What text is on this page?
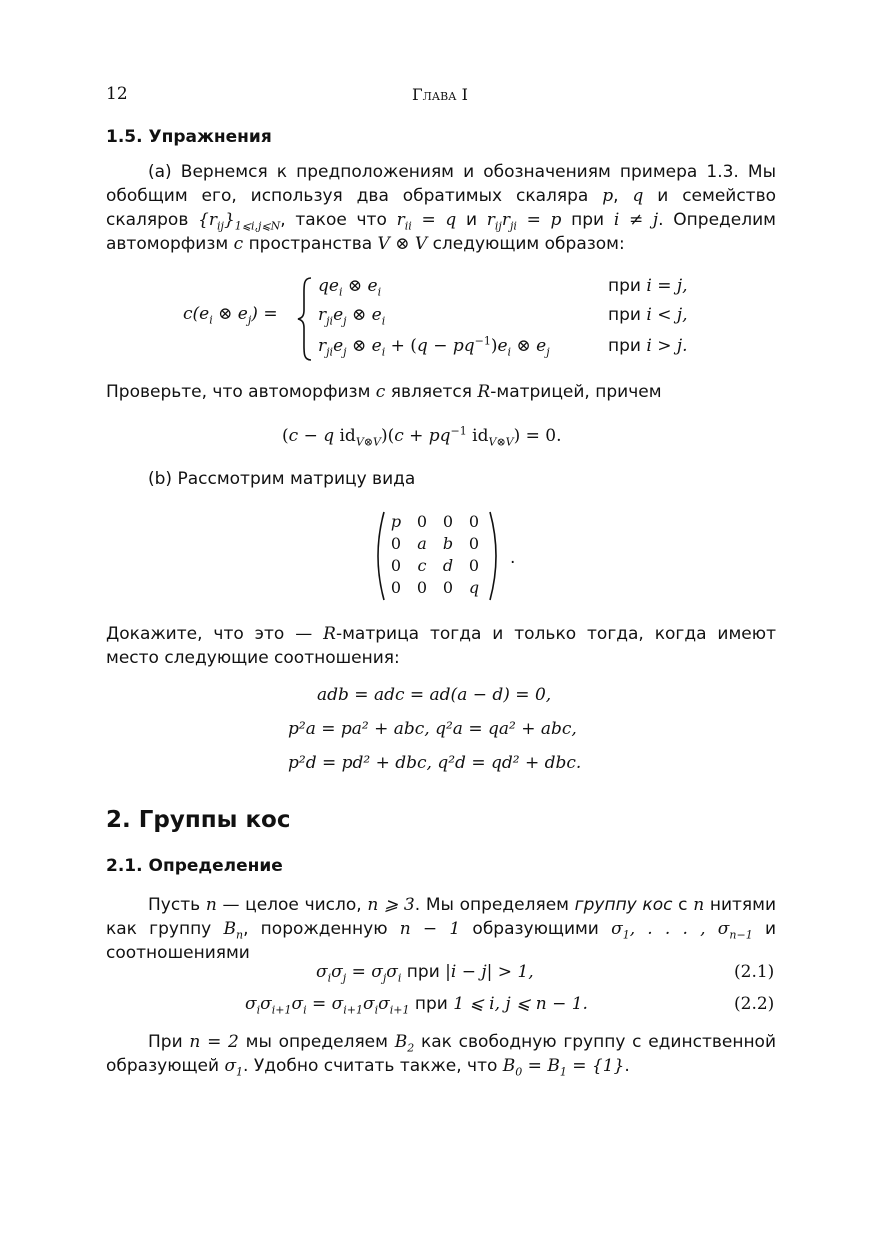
12	Глава I
1.5. Упражнения
(a) Вернемся к предположениям и обозначениям примера 1.3. Мы обобщим его, используя два обратимых скаляра p, q и семейство скаляров $\{r_{ij}\}_{1⩽i,j⩽N}$, такое что $r_{ii} = q$ и $r_{ij}r_{ji} = p$ при i ≠ j. Определим автоморфизм c пространства V ⊗ V следующим образом:
$c(e_i$ ⊗ $e_j$) =
$qe_i$ ⊗ $e_i$	при i = j,
$r_{ji}e_j$ ⊗ $e_i$	при i < j,
$r_{ji}e_j$ ⊗ $e_i + (q - pq^{-1})e_i$ ⊗ $e_j$	при i > j.
Проверьте, что автоморфизм c является R-матрицей, причем
(c − q $id_{V\otimes V})(c + pq^{-1}$ $id_{V\otimes V}) = 0$.
(b) Рассмотрим матрицу вида
p	0	0	0
0	a	b	0
0	c	d	0
0	0	0	q
.
Докажите, что это — R-матрица тогда и только тогда, когда имеют место следующие соотношения:
adb = adc = ad(a − d) = 0,
p²a = pa² + abc, q²a = qa² + abc,
p²d = pd² + dbc, q²d = qd² + dbc.
2. Группы кос
2.1. Определение
Пусть n — целое число, n ⩾ 3. Мы определяем группу кос с n нитями как группу $B_n$, порожденную n − 1 образующими $\sigma_1$, . . . , $\sigma_{n-1}$ и соотношениями
$\sigma_i\sigma_j = \sigma_j\sigma_i$ при |i − j| > 1,	(2.1)
$\sigma_i\sigma_{i+1}\sigma_i = \sigma_{i+1}\sigma_i\sigma_{i+1}$ при 1 ⩽ i, j ⩽ n − 1.	(2.2)
При n = 2 мы определяем $B_2$ как свободную группу с единственной образующей $\sigma_1$. Удобно считать также, что $B_0 = B_1 = \{1\}$.
